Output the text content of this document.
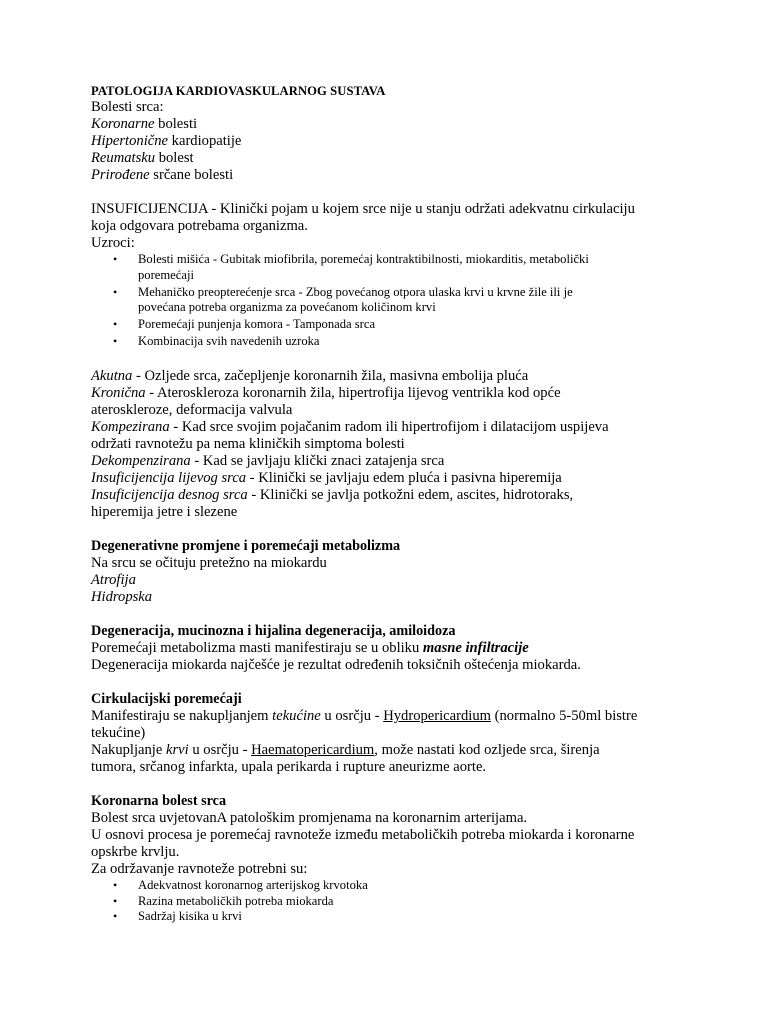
PATOLOGIJA KARDIOVASKULARNOG SUSTAVA
Bolesti srca:
Koronarne bolesti
Hipertonične kardiopatije
Reumatsku bolest
Prirođene srčane bolesti
INSUFICIJENCIJA - Klinički pojam u kojem srce nije u stanju održati adekvatnu cirkulaciju
koja odgovara potrebama organizma.
Uzroci:
• Bolesti mišića - Gubitak miofibrila, poremećaj kontraktibilnosti, miokarditis, metabolički
poremećaji
• Mehaničko preopterećenje srca - Zbog povećanog otpora ulaska krvi u krvne žile ili je
povećana potreba organizma za povećanom količinom krvi
• Poremećaji punjenja komora - Tamponada srca
• Kombinacija svih navedenih uzroka
Akutna - Ozljede srca, začepljenje koronarnih žila, masivna embolija pluća
Kronična - Ateroskleroza koronarnih žila, hipertrofija lijevog ventrikla kod opće
ateroskleroze, deformacija valvula
Kompezirana - Kad srce svojim pojačanim radom ili hipertrofijom i dilatacijom uspijeva
održati ravnotežu pa nema kliničkih simptoma bolesti
Dekompenzirana - Kad se javljaju klički znaci zatajenja srca
Insuficijencija lijevog srca - Klinički se javljaju edem pluća i pasivna hiperemija
Insuficijencija desnog srca - Klinički se javlja potkožni edem, ascites, hidrotoraks,
hiperemija jetre i slezene
Degenerativne promjene i poremećaji metabolizma
Na srcu se očituju pretežno na miokardu
Atrofija
Hidropska
Degeneracija, mucinozna i hijalina degeneracija, amiloidoza
Poremećaji metabolizma masti manifestiraju se u obliku masne infiltracije
Degeneracija miokarda najčešće je rezultat određenih toksičnih oštećenja miokarda.
Cirkulacijski poremećaji
Manifestiraju se nakupljanjem tekućine u osrčju - Hydropericardium (normalno 5-50ml bistre
tekućine)
Nakupljanje krvi u osrčju - Haematopericardium, može nastati kod ozljede srca, širenja
tumora, srčanog infarkta, upala perikarda i rupture aneurizme aorte.
Koronarna bolest srca
Bolest srca uvjetovanA patološkim promjenama na koronarnim arterijama.
U osnovi procesa je poremećaj ravnoteže između metaboličkih potreba miokarda i koronarne
opskrbe krvlju.
Za održavanje ravnoteže potrebni su:
• Adekvatnost koronarnog arterijskog krvotoka
• Razina metaboličkih potreba miokarda
• Sadržaj kisika u krvi
